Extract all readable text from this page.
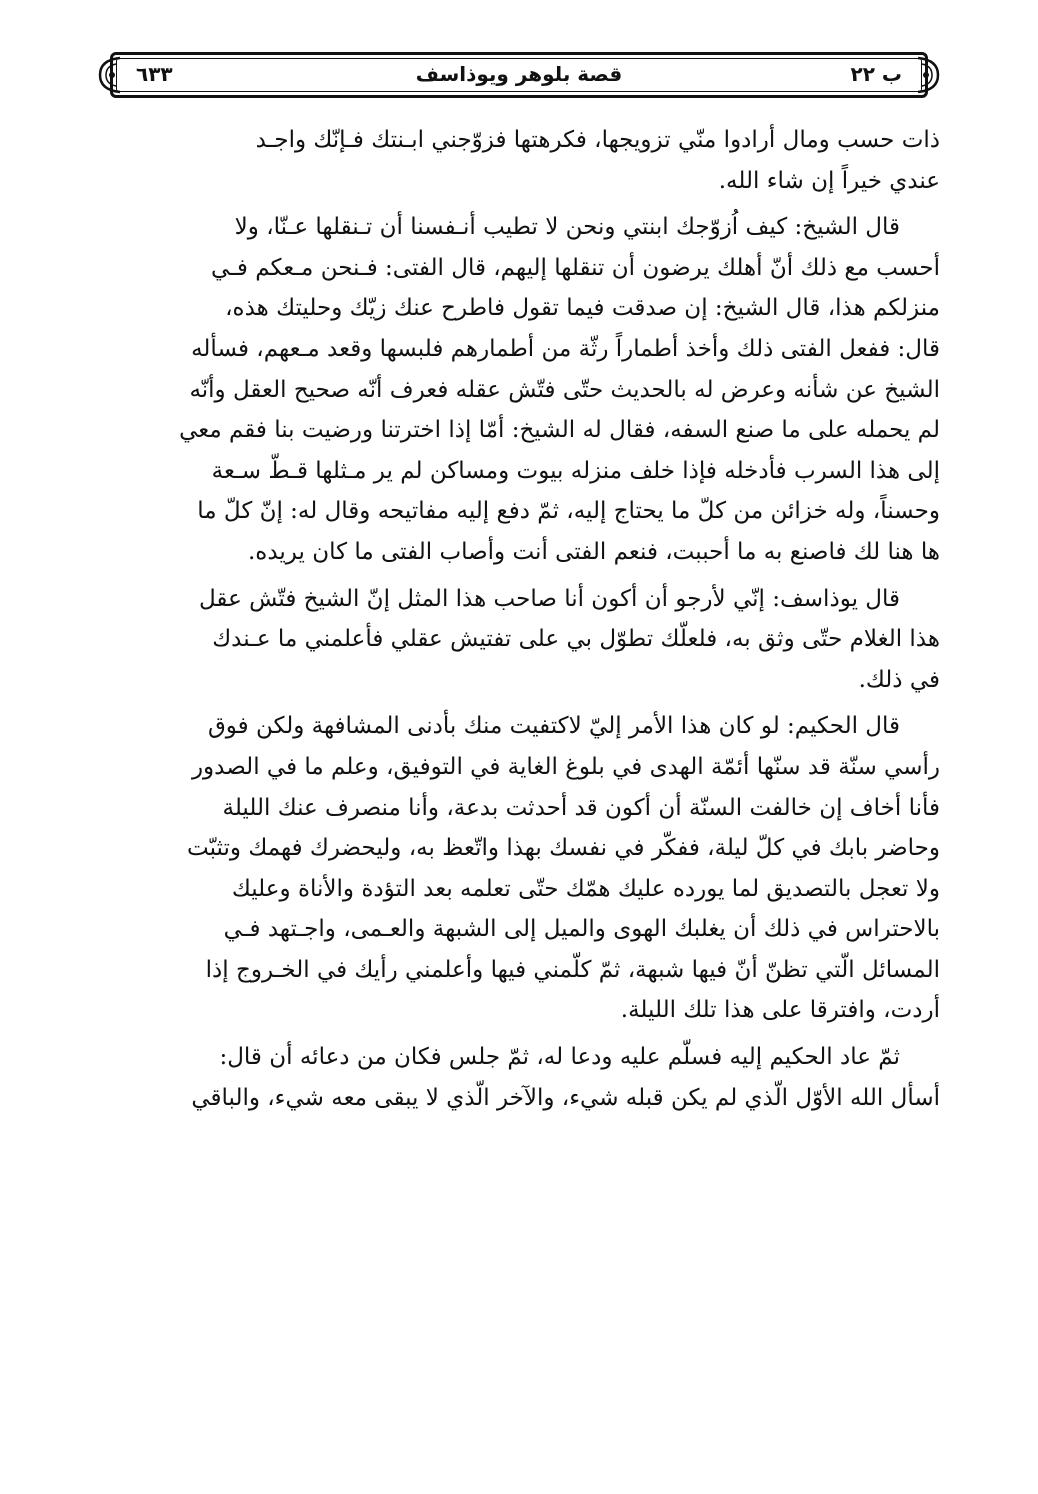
ب ٢٢
قصة بلوهر ويوذاسف
٦٣٣
ذات حسب ومال أرادوا منّي تزويجها، فكرهتها فزوّجني ابـنتك فـإنّك واجـد
عندي خيراً إن شاء الله.
قال الشيخ: كيف اُزوّجك ابنتي ونحن لا تطيب أنـفسنا أن تـنقلها عـنّا، ولا
أحسب مع ذلك أنّ أهلك يرضون أن تنقلها إليهم، قال الفتى: فـنحن مـعكم فـي
منزلكم هذا، قال الشيخ: إن صدقت فيما تقول فاطرح عنك زيّك وحليتك هذه،
قال: ففعل الفتى ذلك وأخذ أطماراً رثّة من أطمارهم فلبسها وقعد مـعهم، فسأله
الشيخ عن شأنه وعرض له بالحديث حتّى فتّش عقله فعرف أنّه صحيح العقل وأنّه
لم يحمله على ما صنع السفه، فقال له الشيخ: أمّا إذا اخترتنا ورضيت بنا فقم معي
إلى هذا السرب فأدخله فإذا خلف منزله بيوت ومساكن لم ير مـثلها قـطّ سـعة
وحسناً، وله خزائن من كلّ ما يحتاج إليه، ثمّ دفع إليه مفاتيحه وقال له: إنّ كلّ ما
ها هنا لك فاصنع به ما أحببت، فنعم الفتى أنت وأصاب الفتى ما كان يريده.
قال يوذاسف: إنّي لأرجو أن أكون أنا صاحب هذا المثل إنّ الشيخ فتّش عقل
هذا الغلام حتّى وثق به، فلعلّك تطوّل بي على تفتيش عقلي فأعلمني ما عـندك
في ذلك.
قال الحكيم: لو كان هذا الأمر إليّ لاكتفيت منك بأدنى المشافهة ولكن فوق
رأسي سنّة قد سنّها أئمّة الهدى في بلوغ الغاية في التوفيق، وعلم ما في الصدور
فأنا أخاف إن خالفت السنّة أن أكون قد أحدثت بدعة، وأنا منصرف عنك الليلة
وحاضر بابك في كلّ ليلة، ففكّر في نفسك بهذا واتّعظ به، وليحضرك فهمك وتثبّت
ولا تعجل بالتصديق لما يورده عليك همّك حتّى تعلمه بعد التؤدة والأناة وعليك
بالاحتراس في ذلك أن يغلبك الهوى والميل إلى الشبهة والعـمى، واجـتهد فـي
المسائل الّتي تظنّ أنّ فيها شبهة، ثمّ كلّمني فيها وأعلمني رأيك في الخـروج إذا
أردت، وافترقا على هذا تلك الليلة.
ثمّ عاد الحكيم إليه فسلّم عليه ودعا له، ثمّ جلس فكان من دعائه أن قال:
أسأل الله الأوّل الّذي لم يكن قبله شيء، والآخر الّذي لا يبقى معه شيء، والباقي
